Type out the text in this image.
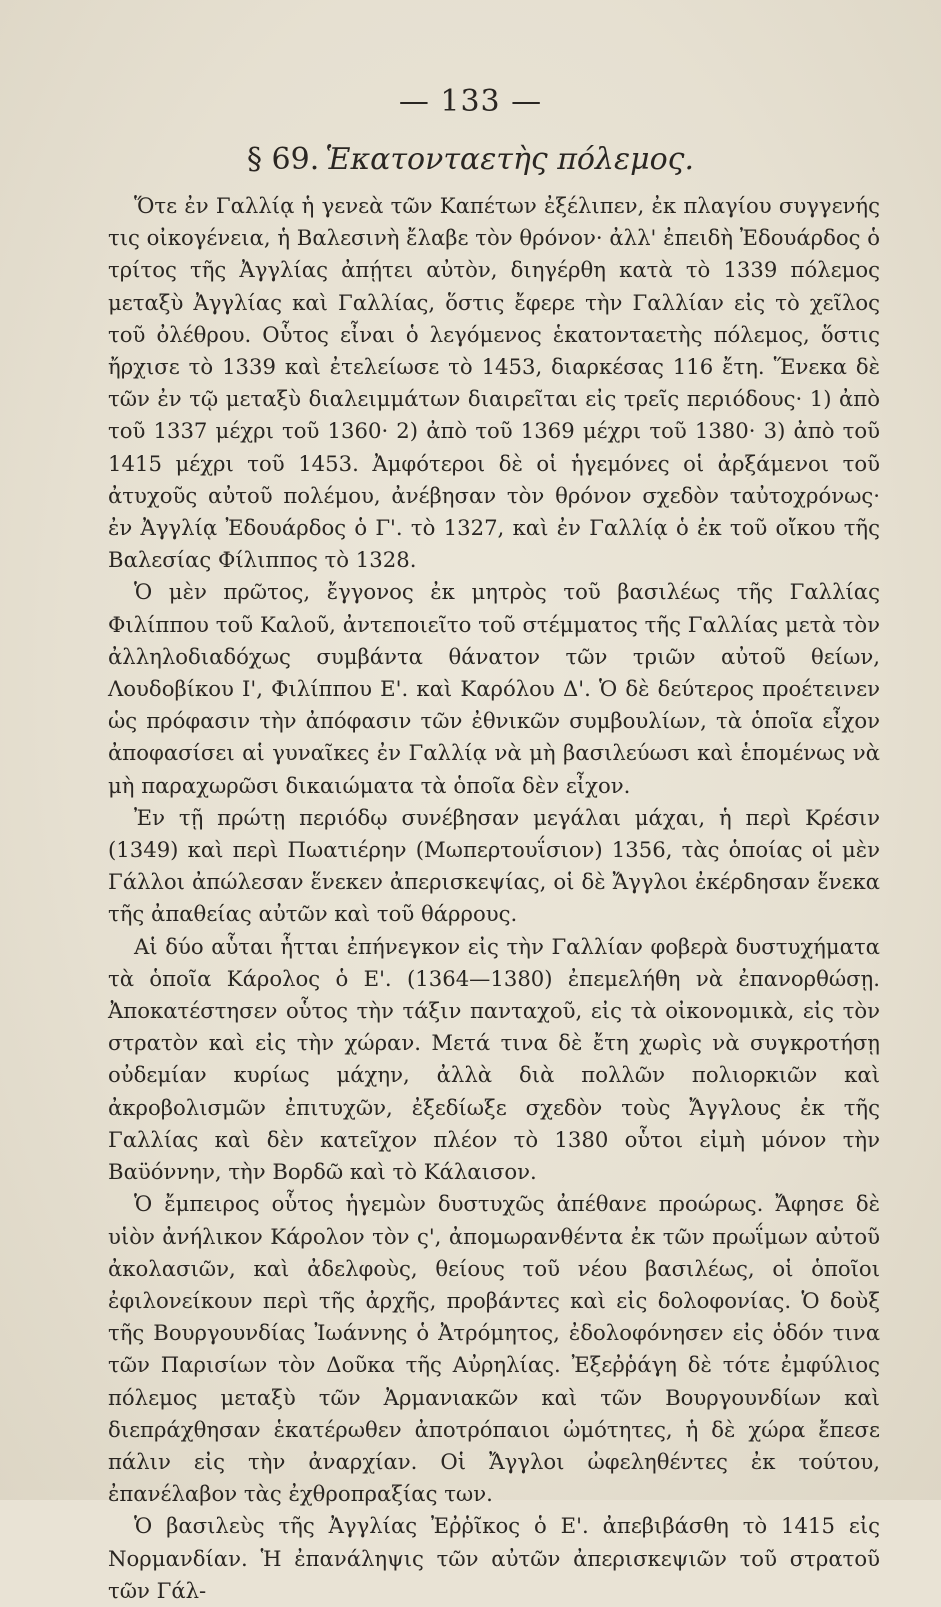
— 133 —
§ 69. Ἑκατονταετὴς πόλεμος.

Ὅτε ἐν Γαλλίᾳ ἡ γενεὰ τῶν Καπέτων ἐξέλιπεν, ἐκ πλαγίου συγγενής τις οἰκογένεια, ἡ Βαλεσινὴ ἔλαβε τὸν θρόνον· ἀλλ' ἐπειδὴ Ἐδουάρδος ὁ τρίτος τῆς Ἀγγλίας ἀπῄτει αὐτὸν, διηγέρθη κατὰ τὸ 1339 πόλεμος μεταξὺ Ἀγγλίας καὶ Γαλλίας, ὅστις ἔφερε τὴν Γαλλίαν εἰς τὸ χεῖλος τοῦ ὀλέθρου. Οὗτος εἶναι ὁ λεγόμενος ἑκατονταετὴς πόλεμος, ὅστις ἤρχισε τὸ 1339 καὶ ἐτελείωσε τὸ 1453, διαρκέσας 116 ἔτη. Ἕνεκα δὲ τῶν ἐν τῷ μεταξὺ διαλειμμάτων διαιρεῖται εἰς τρεῖς περιόδους· 1) ἀπὸ τοῦ 1337 μέχρι τοῦ 1360· 2) ἀπὸ τοῦ 1369 μέχρι τοῦ 1380· 3) ἀπὸ τοῦ 1415 μέχρι τοῦ 1453. Ἀμφότεροι δὲ οἱ ἡγεμόνες οἱ ἀρξάμενοι τοῦ ἀτυχοῦς αὐτοῦ πολέμου, ἀνέβησαν τὸν θρόνον σχεδὸν ταὐτοχρόνως· ἐν Ἀγγλίᾳ Ἐδουάρδος ὁ Γ'. τὸ 1327, καὶ ἐν Γαλλίᾳ ὁ ἐκ τοῦ οἴκου τῆς Βαλεσίας Φίλιππος τὸ 1328.

Ὁ μὲν πρῶτος, ἔγγονος ἐκ μητρὸς τοῦ βασιλέως τῆς Γαλλίας Φιλίππου τοῦ Καλοῦ, ἀντεποιεῖτο τοῦ στέμματος τῆς Γαλλίας μετὰ τὸν ἀλληλοδιαδόχως συμβάντα θάνατον τῶν τριῶν αὐτοῦ θείων, Λουδοβίκου Ι', Φιλίππου Ε'. καὶ Καρόλου Δ'. Ὁ δὲ δεύτερος προέτεινεν ὡς πρόφασιν τὴν ἀπόφασιν τῶν ἐθνικῶν συμβουλίων, τὰ ὁποῖα εἶχον ἀποφασίσει αἱ γυναῖκες ἐν Γαλλίᾳ νὰ μὴ βασιλεύωσι καὶ ἑπομένως νὰ μὴ παραχωρῶσι δικαιώματα τὰ ὁποῖα δὲν εἶχον.

Ἐν τῇ πρώτῃ περιόδῳ συνέβησαν μεγάλαι μάχαι, ἡ περὶ Κρέσιν (1349) καὶ περὶ Πωατιέρην (Μωπερτουΐσιον) 1356, τὰς ὁποίας οἱ μὲν Γάλλοι ἀπώλεσαν ἕνεκεν ἀπερισκεψίας, οἱ δὲ Ἄγγλοι ἐκέρδησαν ἕνεκα τῆς ἀπαθείας αὐτῶν καὶ τοῦ θάρρους.

Αἱ δύο αὗται ἧτται ἐπήνεγκον εἰς τὴν Γαλλίαν φοβερὰ δυστυχήματα τὰ ὁποῖα Κάρολος ὁ Ε'. (1364—1380) ἐπεμελήθη νὰ ἐπανορθώσῃ. Ἀποκατέστησεν οὗτος τὴν τάξιν πανταχοῦ, εἰς τὰ οἰκονομικὰ, εἰς τὸν στρατὸν καὶ εἰς τὴν χώραν. Μετά τινα δὲ ἔτη χωρὶς νὰ συγκροτήσῃ οὐδεμίαν κυρίως μάχην, ἀλλὰ διὰ πολλῶν πολιορκιῶν καὶ ἀκροβολισμῶν ἐπιτυχῶν, ἐξεδίωξε σχεδὸν τοὺς Ἄγγλους ἐκ τῆς Γαλλίας καὶ δὲν κατεῖχον πλέον τὸ 1380 οὗτοι εἰμὴ μόνον τὴν Βαϋόννην, τὴν Βορδῶ καὶ τὸ Κάλαισον.

Ὁ ἔμπειρος οὗτος ἡγεμὼν δυστυχῶς ἀπέθανε προώρως. Ἄφησε δὲ υἱὸν ἀνήλικον Κάρολον τὸν ς', ἀπομωρανθέντα ἐκ τῶν πρωΐμων αὐτοῦ ἀκολασιῶν, καὶ ἀδελφοὺς, θείους τοῦ νέου βασιλέως, οἱ ὁποῖοι ἐφιλονείκουν περὶ τῆς ἀρχῆς, προβάντες καὶ εἰς δολοφονίας. Ὁ δοὺξ τῆς Βουργουνδίας Ἰωάννης ὁ Ἀτρόμητος, ἐδολοφόνησεν εἰς ὁδόν τινα τῶν Παρισίων τὸν Δοῦκα τῆς Αὐρηλίας. Ἐξεῤῥάγη δὲ τότε ἐμφύλιος πόλεμος μεταξὺ τῶν Ἀρμανιακῶν καὶ τῶν Βουργουνδίων καὶ διεπράχθησαν ἑκατέρωθεν ἀποτρόπαιοι ὠμότητες, ἡ δὲ χώρα ἔπεσε πάλιν εἰς τὴν ἀναρχίαν. Οἱ Ἄγγλοι ὠφεληθέντες ἐκ τούτου, ἐπανέλαβον τὰς ἐχθροπραξίας των.

Ὁ βασιλεὺς τῆς Ἀγγλίας Ἐῤῥῖκος ὁ Ε'. ἀπεβιβάσθη τὸ 1415 εἰς Νορμανδίαν. Ἡ ἐπανάληψις τῶν αὐτῶν ἀπερισκεψιῶν τοῦ στρατοῦ τῶν Γάλ-
